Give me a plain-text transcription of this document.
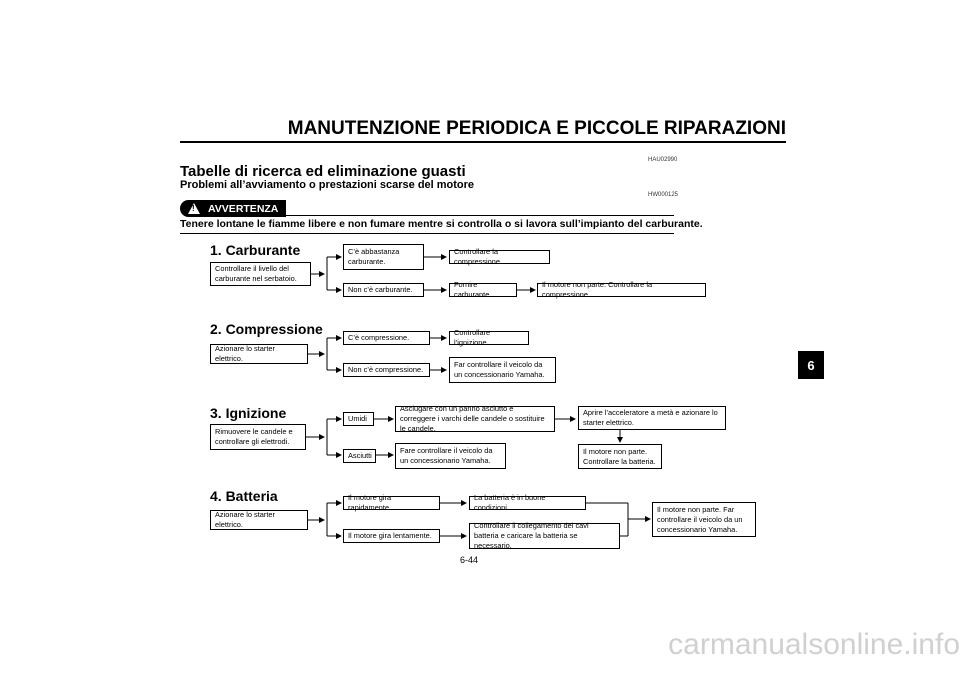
MANUTENZIONE PERIODICA E PICCOLE RIPARAZIONI
HAU02990
Tabelle di ricerca ed eliminazione guasti
Problemi all’avviamento o prestazioni scarse del motore
HW000125
! AVVERTENZA
Tenere lontane le fiamme libere e non fumare mentre si controlla o si lavora sull’impianto del carburante.
1. Carburante
Controllare il livello del carburante nel serbatoio.
C’è abbastanza carburante.
Controllare la compressione.
Non c’è carburante.
Fornire carburante.
Il motore non parte. Controllare la compressione.
2. Compressione
Azionare lo starter elettrico.
C’è compressione.
Controllare l’ignizione.
Non c’è compressione.
Far controllare il veicolo da un concessionario Yamaha.
3. Ignizione
Rimuovere le candele e controllare gli elettrodi.
Umidi
Asciugare con un panno asciutto e correggere i varchi delle candele o sostituire le candele.
Aprire l’acceleratore a metà e azionare lo starter elettrico.
Il motore non parte. Controllare la batteria.
Asciutti
Fare controllare il veicolo da un concessionario Yamaha.
4. Batteria
Azionare lo starter elettrico.
Il motore gira rapidamente.
La batteria è in buone condizioni.
Il motore gira lentamente.
Controllare il collegamento dei cavi batteria e caricare la batteria se necessario.
Il motore non parte. Far controllare il veicolo da un concessionario Yamaha.
6
6-44
carmanualsonline.info
